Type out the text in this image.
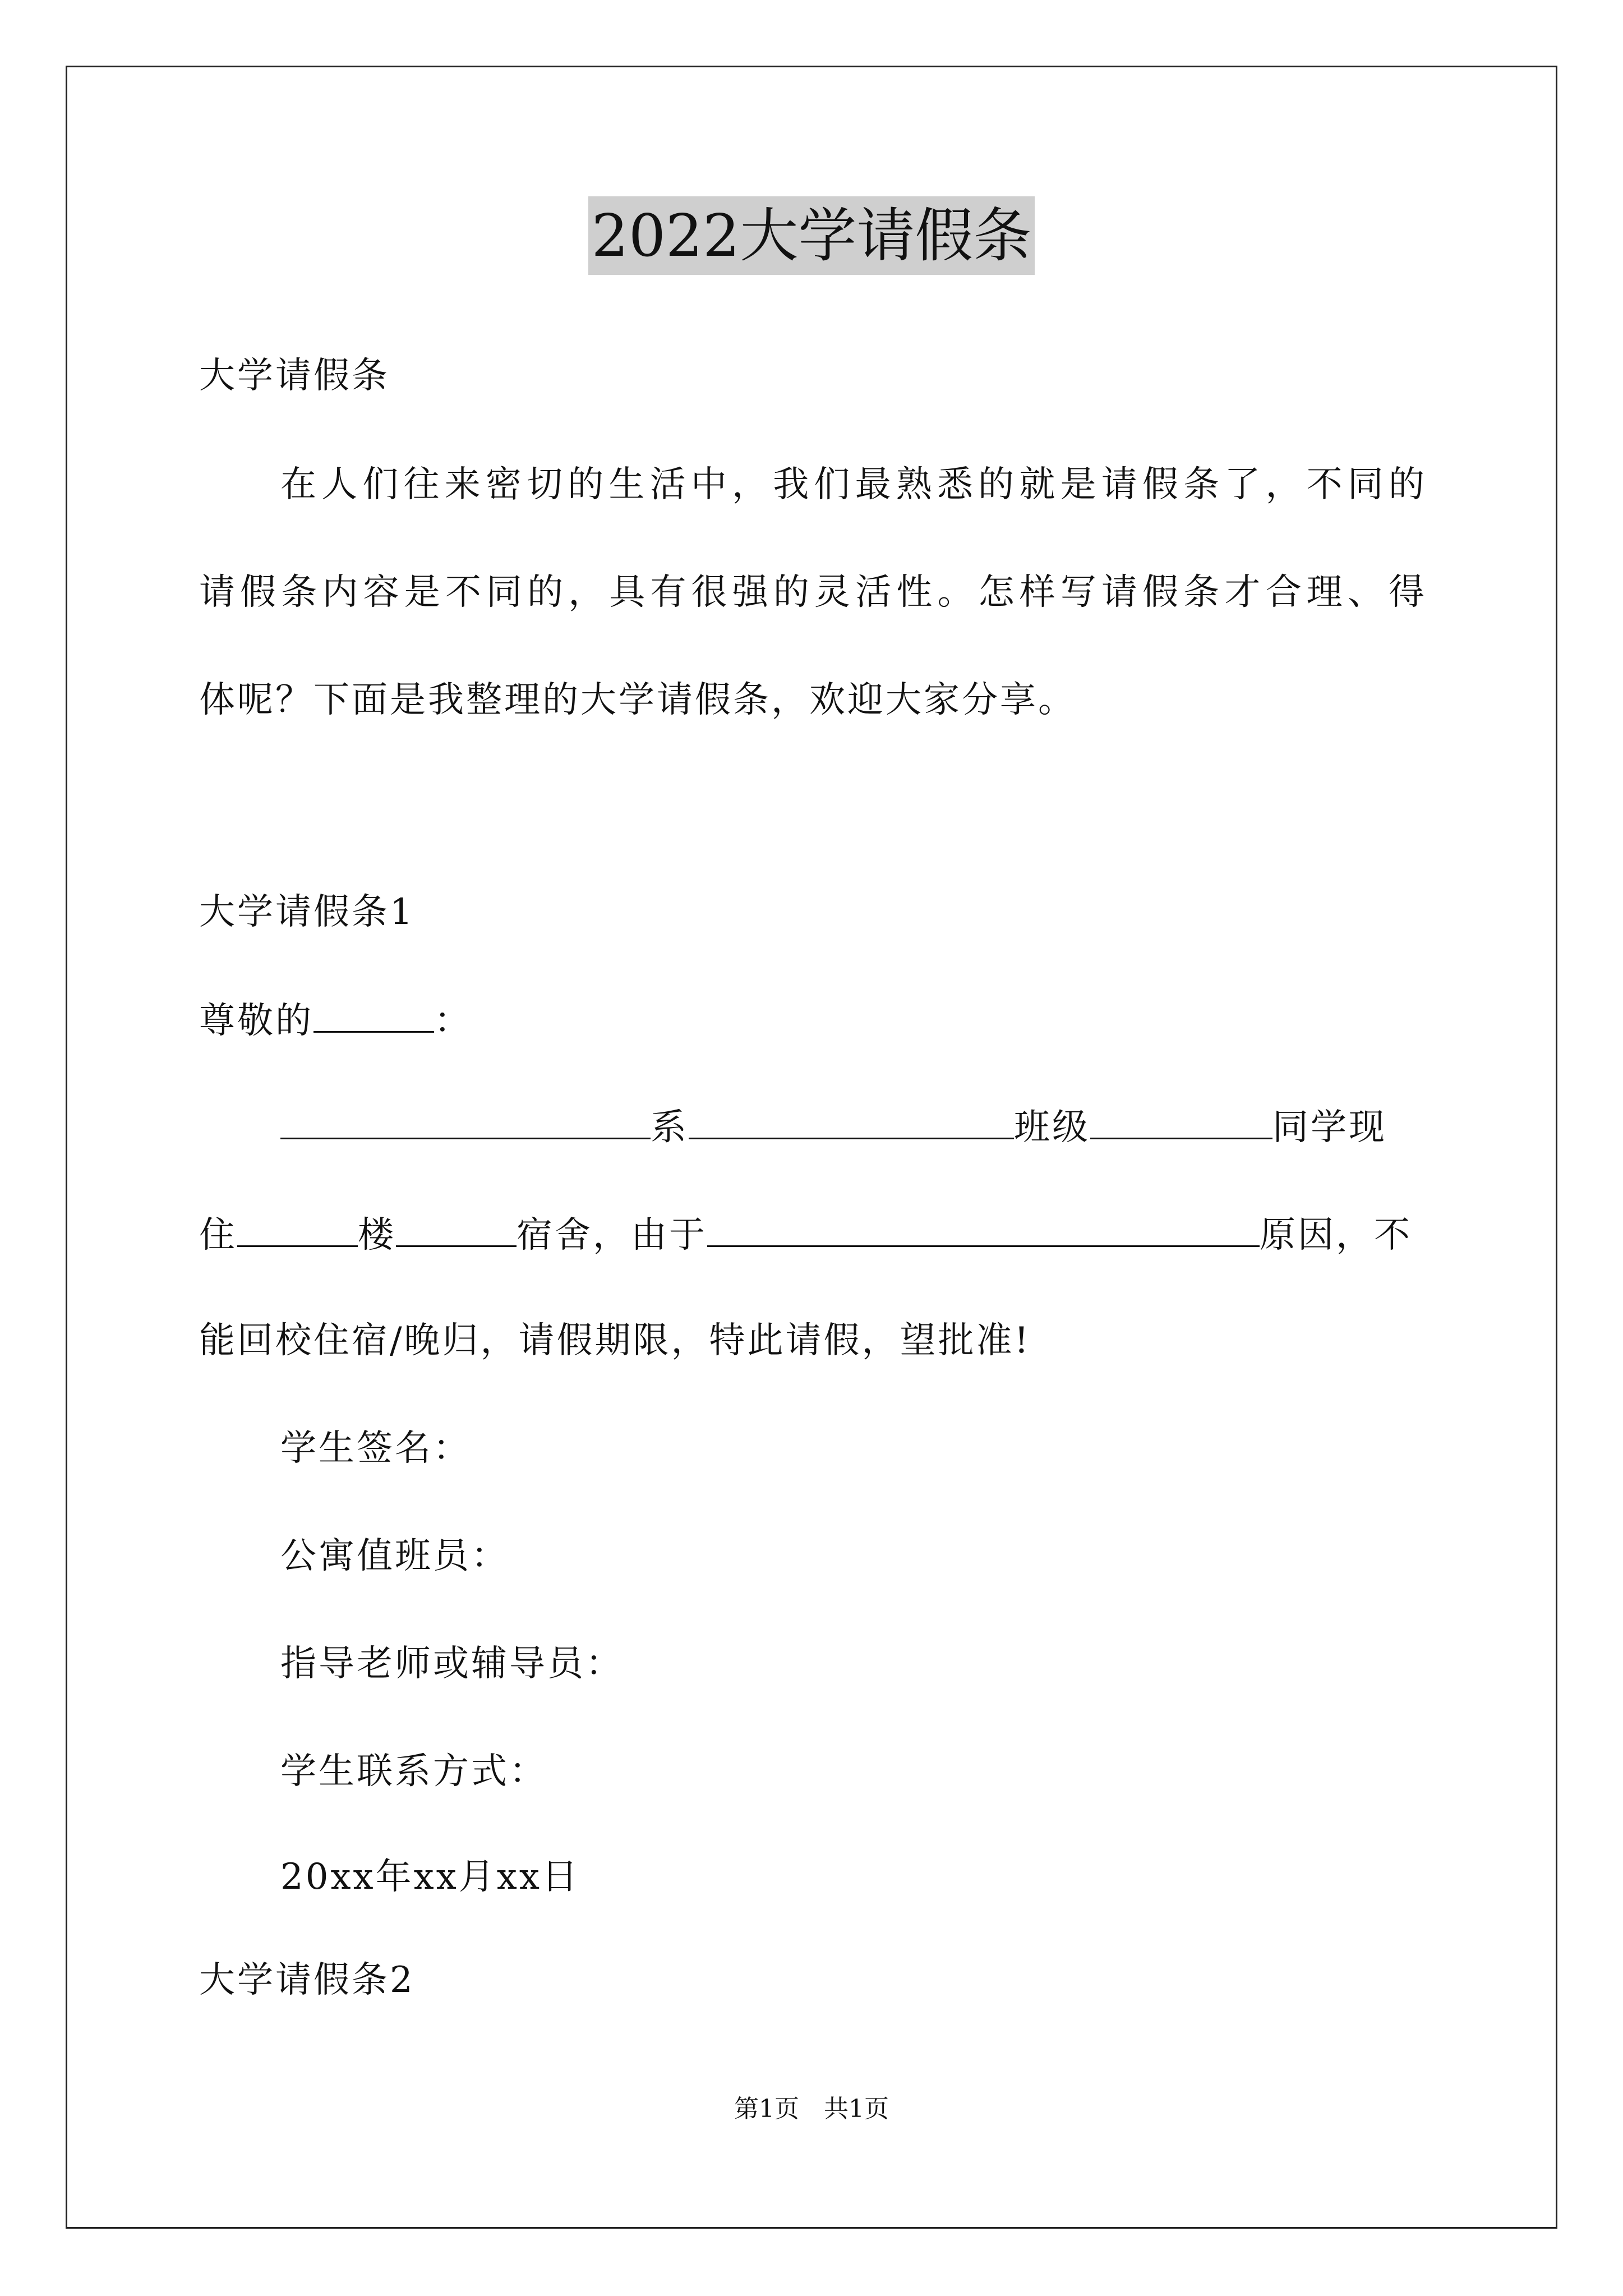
2022大学请假条
大学请假条
在人们往来密切的生活中，我们最熟悉的就是请假条了，不同的
请假条内容是不同的，具有很强的灵活性。怎样写请假条才合理、得
体呢？下面是我整理的大学请假条，欢迎大家分享。
大学请假条1
尊敬的	：
系	班级	同学现
住	楼	宿舍，由于	原因，不
能回校住宿/晚归，请假期限，特此请假，望批准!
学生签名：
公寓值班员：
指导老师或辅导员：
学生联系方式：
20xx年xx月xx日
大学请假条2
第1页　共1页
